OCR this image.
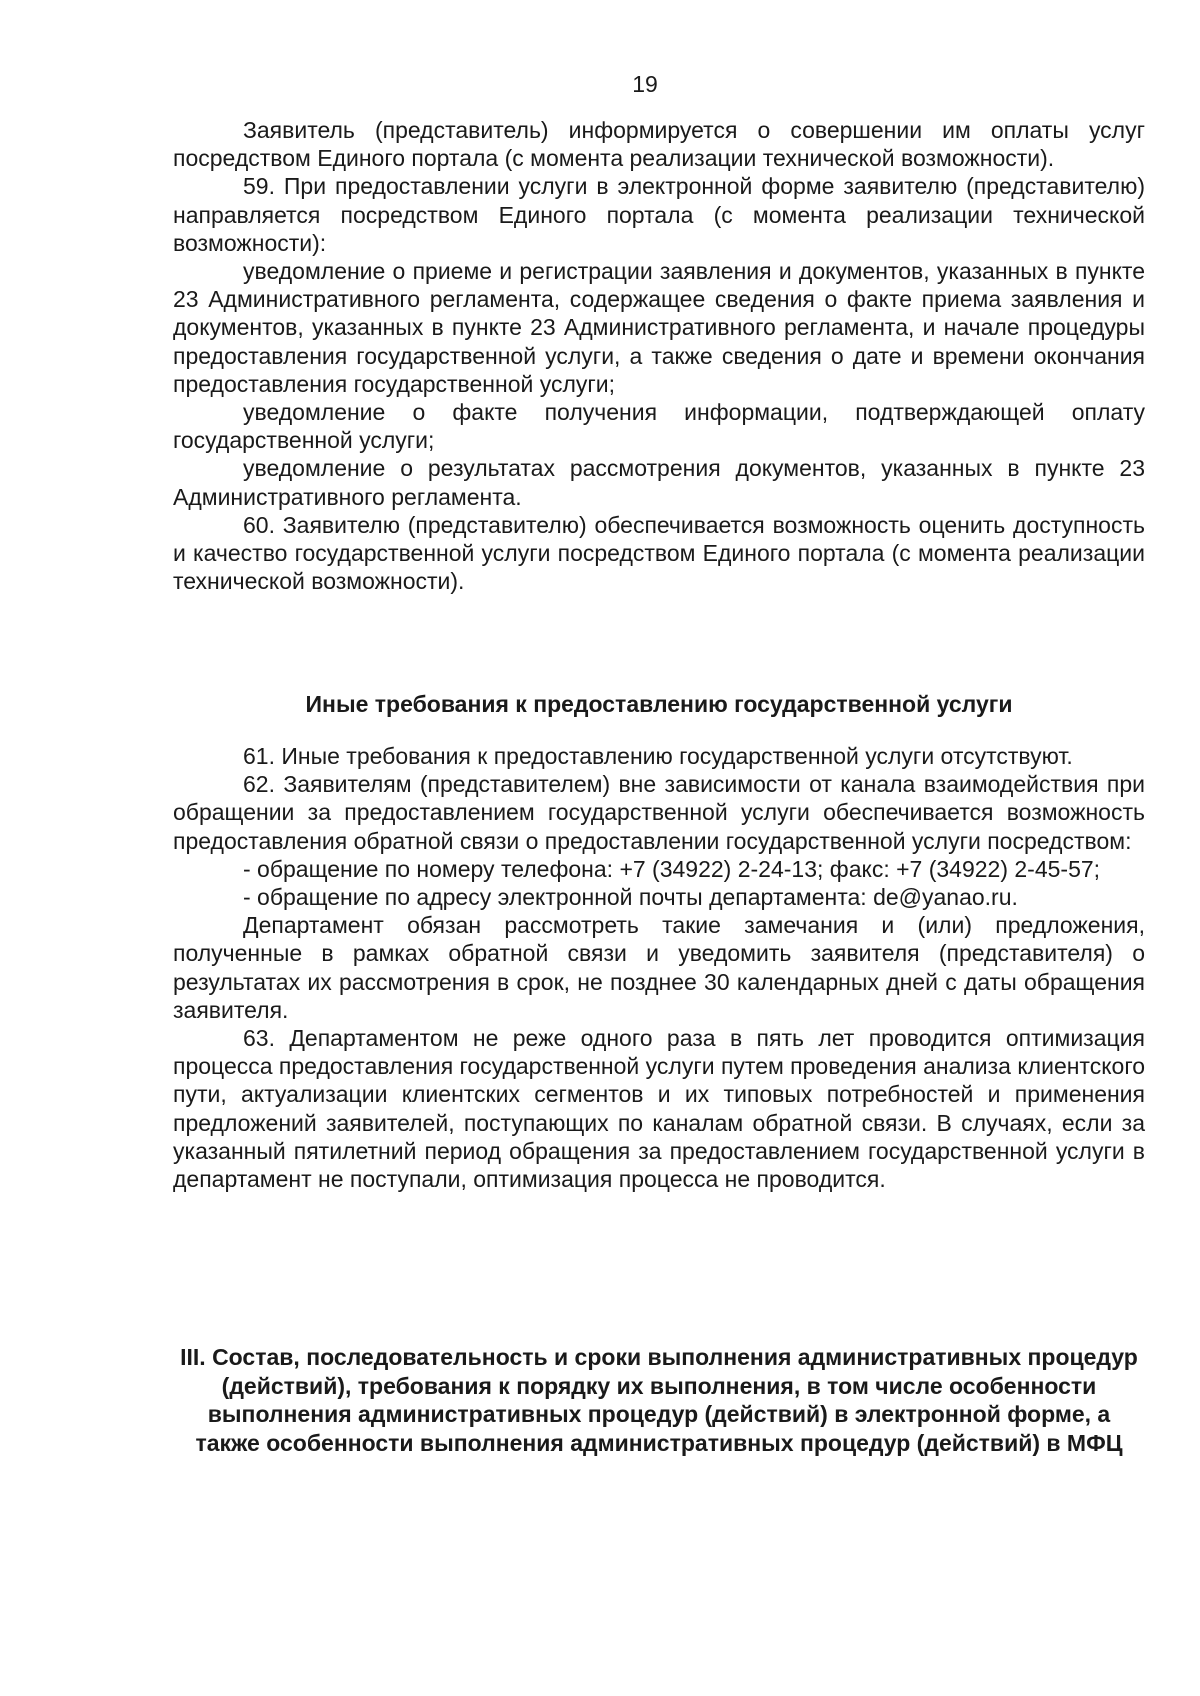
19

Заявитель (представитель) информируется о совершении им оплаты услуг посредством Единого портала (с момента реализации технической возможности).

59. При предоставлении услуги в электронной форме заявителю (представителю) направляется посредством Единого портала (с момента реализации технической возможности):

уведомление о приеме и регистрации заявления и документов, указанных в пункте 23 Административного регламента, содержащее сведения о факте приема заявления и документов, указанных в пункте 23 Административного регламента, и начале процедуры предоставления государственной услуги, а также сведения о дате и времени окончания предоставления государственной услуги;

уведомление о факте получения информации, подтверждающей оплату государственной услуги;

уведомление о результатах рассмотрения документов, указанных в пункте 23 Административного регламента.

60. Заявителю (представителю) обеспечивается возможность оценить доступность и качество государственной услуги посредством Единого портала (с момента реализации технической возможности).

Иные требования к предоставлению государственной услуги

61. Иные требования к предоставлению государственной услуги отсутствуют.

62. Заявителям (представителем) вне зависимости от канала взаимодействия при обращении за предоставлением государственной услуги обеспечивается возможность предоставления обратной связи о предоставлении государственной услуги посредством:

- обращение по номеру телефона: +7 (34922) 2-24-13; факс: +7 (34922) 2-45-57;

- обращение по адресу электронной почты департамента: de@yanao.ru.

Департамент обязан рассмотреть такие замечания и (или) предложения, полученные в рамках обратной связи и уведомить заявителя (представителя) о результатах их рассмотрения в срок, не позднее 30 календарных дней с даты обращения заявителя.

63. Департаментом не реже одного раза в пять лет проводится оптимизация процесса предоставления государственной услуги путем проведения анализа клиентского пути, актуализации клиентских сегментов и их типовых потребностей и применения предложений заявителей, поступающих по каналам обратной связи. В случаях, если за указанный пятилетний период обращения за предоставлением государственной услуги в департамент не поступали, оптимизация процесса не проводится.

III. Состав, последовательность и сроки выполнения административных процедур (действий), требования к порядку их выполнения, в том числе особенности выполнения административных процедур (действий) в электронной форме, а также особенности выполнения административных процедур (действий) в МФЦ
